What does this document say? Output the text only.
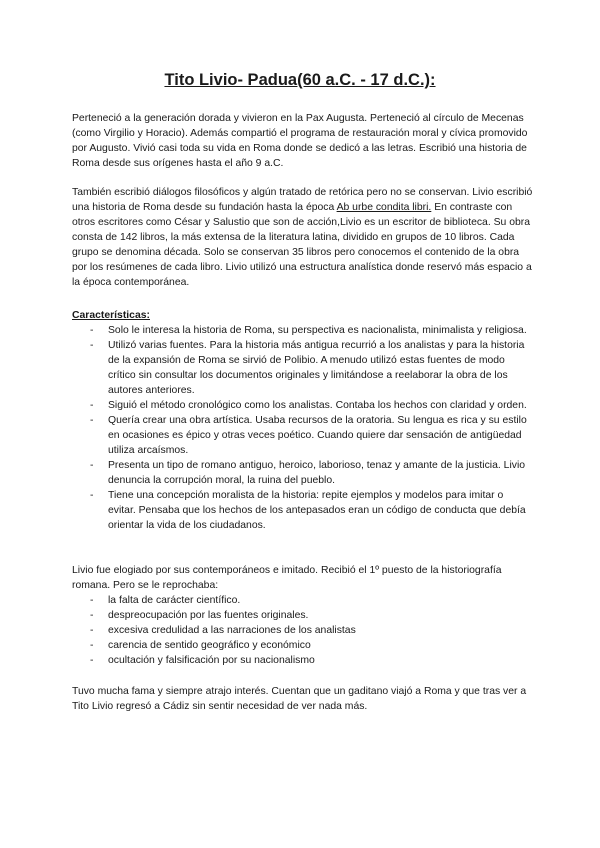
Tito Livio- Padua(60 a.C. - 17 d.C.):

Perteneció a la generación dorada y vivieron en la Pax Augusta. Perteneció al círculo de Mecenas (como Virgilio y Horacio). Además compartió el programa de restauración moral y cívica promovido por Augusto. Vivió casi toda su vida en Roma donde se dedicó a las letras. Escribió una historia de Roma desde sus orígenes hasta el año 9 a.C.

También escribió diálogos filosóficos y algún tratado de retórica pero no se conservan. Livio escribió una historia de Roma desde su fundación hasta la época Ab urbe condita libri. En contraste con otros escritores como César y Salustio que son de acción,Livio es un escritor de biblioteca. Su obra consta de 142 libros, la más extensa de la literatura latina, dividido en grupos de 10 libros. Cada grupo se denomina década. Solo se conservan 35 libros pero conocemos el contenido de la obra por los resúmenes de cada libro. Livio utilizó una estructura analística donde reservó más espacio a la época contemporánea.

Características:
- Solo le interesa la historia de Roma, su perspectiva es nacionalista, minimalista y religiosa.
- Utilizó varias fuentes. Para la historia más antigua recurrió a los analistas y para la historia de la expansión de Roma se sirvió de Polibio. A menudo utilizó estas fuentes de modo crítico sin consultar los documentos originales y limitándose a reelaborar la obra de los autores anteriores.
- Siguió el método cronológico como los analistas. Contaba los hechos con claridad y orden.
- Quería crear una obra artística. Usaba recursos de la oratoria. Su lengua es rica y su estilo en ocasiones es épico y otras veces poético. Cuando quiere dar sensación de antigüedad utiliza arcaísmos.
- Presenta un tipo de romano antiguo, heroico, laborioso, tenaz y amante de la justicia. Livio denuncia la corrupción moral, la ruina del pueblo.
- Tiene una concepción moralista de la historia: repite ejemplos y modelos para imitar o evitar. Pensaba que los hechos de los antepasados eran un código de conducta que debía orientar la vida de los ciudadanos.

Livio fue elogiado por sus contemporáneos e imitado. Recibió el 1º puesto de la historiografía romana. Pero se le reprochaba:

- la falta de carácter científico.
- despreocupación por las fuentes originales.
- excesiva credulidad a las narraciones de los analistas
- carencia de sentido geográfico y económico
- ocultación y falsificación por su nacionalismo

Tuvo mucha fama y siempre atrajo interés. Cuentan que un gaditano viajó a Roma y que tras ver a Tito Livio regresó a Cádiz sin sentir necesidad de ver nada más.
